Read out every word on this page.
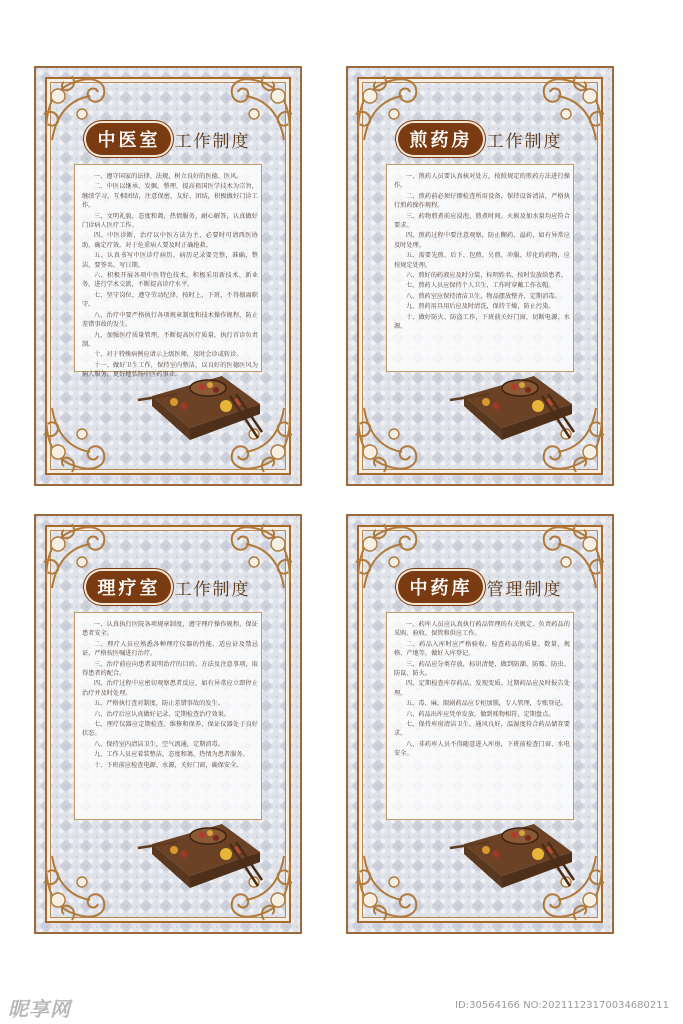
中医室 工作制度

一、遵守国家的法律、法规，树立良好的医德、医风。

二、中医以继承、发掘、整理、提高祖国医学技术为宗旨，继续学习，互相团结，注意保密、友好、团结，积极做好门诊工作。

三、文明礼貌，态度和蔼，热情服务，耐心解答，认真做好门诊病人医疗工作。

四、中医诊断，治疗以中医方法为主，必要时可请西医协助，确定疗效。对于危重病人要及时正确抢救。

五、认真书写中医诊疗病历，病历记录要完整，准确，整洁，要签名、写日期。

六、积极开展各项中医特色技术，积极采用新技术、新业务，进行学术交流，不断提高诊疗水平。

七、坚守岗位，遵守劳动纪律，按时上、下班，不得擅离职守。

八、治疗中要严格执行各项规章制度和技术操作规程，防止差错事故的发生。

九、加强医疗质量管理，不断提高医疗质量，执行首诊负责制。

十、对于特殊病例应请示上级医师，及时会诊或转诊。

十一、做好卫生工作，保持室内整洁，以良好的医德医风为病人服务，更好地弘扬中医药事业。

煎药房 工作制度

一、煎药人员要认真核对处方，按照规定的煎药方法进行操作。

二、煎药前必须仔细检查所用设备，保持设备清洁，严格执行煎药操作规程。

三、药物煎煮前应浸泡，煎煮时间、火候及加水量均应符合要求。

四、煎药过程中要注意观察，防止糊药、溢药，如有异常应及时处理。

五、需要先煎、后下、包煎、另煎、冲服、烊化的药物，应按规定处理。

六、煎好的药液应及时分装，标明姓名，按时发放给患者。

七、煎药人员应保持个人卫生，工作时穿戴工作衣帽。

八、煎药室应保持清洁卫生，物品摆放整齐，定期消毒。

九、煎药用具用后应及时清洗，保持干燥，防止污染。

十、做好防火、防盗工作，下班前关好门窗，切断电源、水源。

理疗室 工作制度

一、认真执行医院各项规章制度，遵守理疗操作规程，保证患者安全。

二、理疗人员应熟悉各种理疗仪器的性能、适应证及禁忌证，严格按医嘱进行治疗。

三、治疗前应向患者说明治疗的目的、方法及注意事项，取得患者的配合。

四、治疗过程中应密切观察患者反应，如有异常应立即停止治疗并及时处理。

五、严格执行查对制度，防止差错事故的发生。

六、治疗后应认真做好记录，定期检查治疗效果。

七、理疗仪器应定期检查、维修和保养，保证仪器处于良好状态。

八、保持室内清洁卫生，空气流通，定期消毒。

九、工作人员应着装整洁，态度和蔼，热情为患者服务。

十、下班前应检查电源、水源，关好门窗，确保安全。

中药库 管理制度

一、药库人员应认真执行药品管理的有关规定，负责药品的采购、验收、保管和供应工作。

二、药品入库时应严格验收，检查药品的质量、数量、规格、产地等，做好入库登记。

三、药品应分类存放，标识清楚，做到防潮、防霉、防虫、防鼠、防火。

四、定期检查库存药品，发现变质、过期药品应及时报告处理。

五、毒、麻、限剧药品应专柜加锁，专人管理，专账登记。

六、药品出库应凭单发放，做到账物相符，定期盘点。

七、保持库房清洁卫生，通风良好，温湿度符合药品储存要求。

八、非药库人员不得随意进入库房，下班前检查门窗、水电安全。

昵享网	ID:30564166 NO:20211123170034680211
